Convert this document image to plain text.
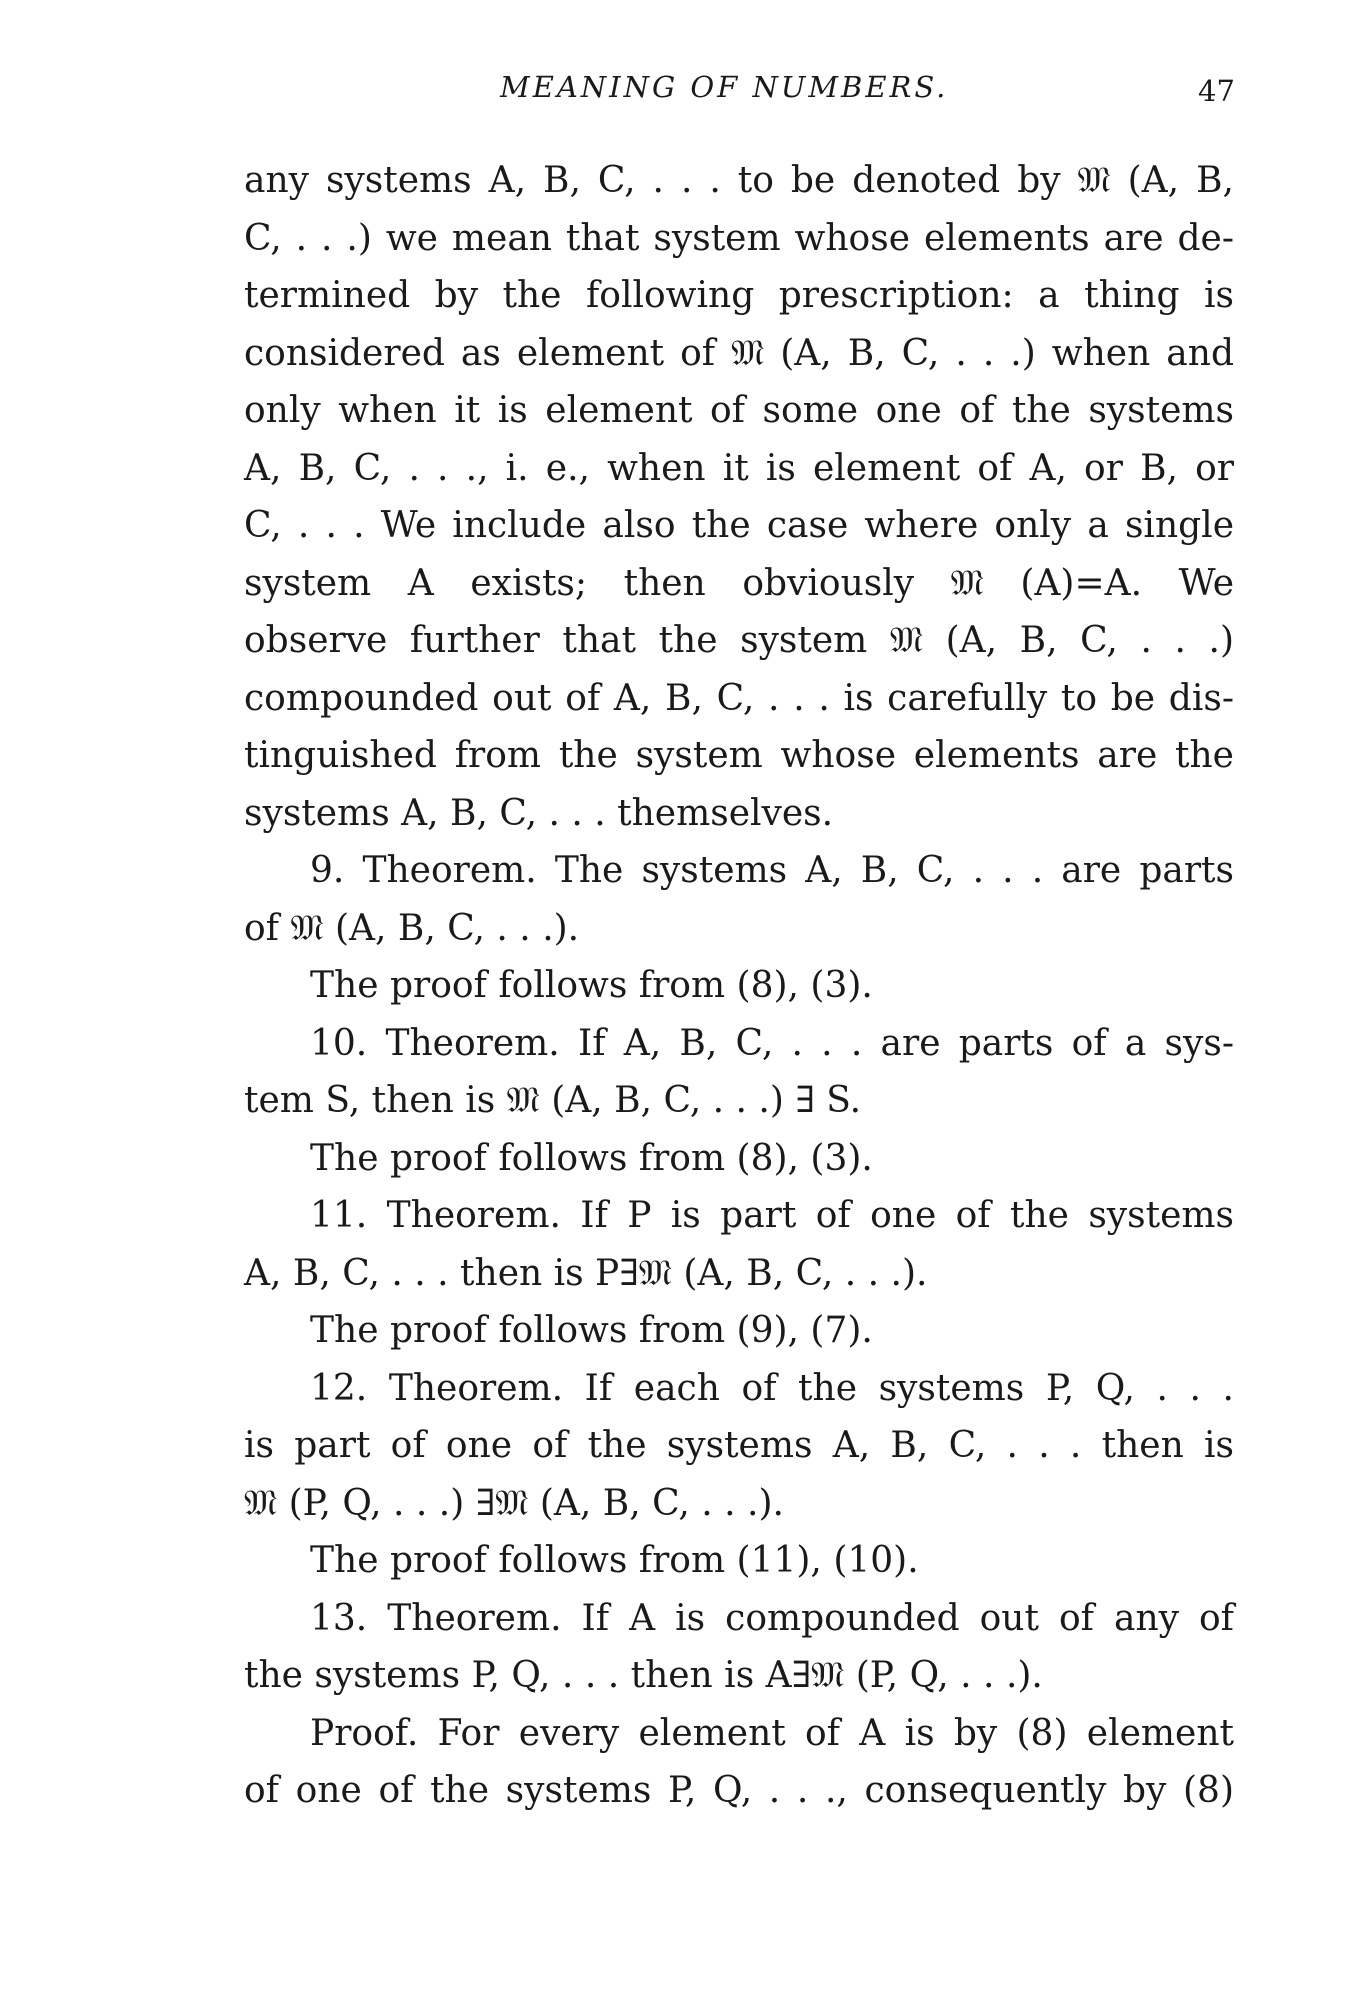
MEANING OF NUMBERS.	47

any systems A, B, C, . . . to be denoted by 𝔐 (A, B,
C, . . .) we mean that system whose elements are de-
termined by the following prescription: a thing is
considered as element of 𝔐 (A, B, C, . . .) when and
only when it is element of some one of the systems
A, B, C, . . ., i. e., when it is element of A, or B, or
C, . . . We include also the case where only a single
system A exists; then obviously 𝔐 (A)=A. We
observe further that the system 𝔐 (A, B, C, . . .)
compounded out of A, B, C, . . . is carefully to be dis-
tinguished from the system whose elements are the
systems A, B, C, . . . themselves.

9. Theorem. The systems A, B, C, . . . are parts
of 𝔐 (A, B, C, . . .).

The proof follows from (8), (3).

10. Theorem. If A, B, C, . . . are parts of a sys-
tem S, then is 𝔐 (A, B, C, . . .) ∃ S.

The proof follows from (8), (3).

11. Theorem. If P is part of one of the systems
A, B, C, . . . then is P∃𝔐 (A, B, C, . . .).

The proof follows from (9), (7).

12. Theorem. If each of the systems P, Q, . . .
is part of one of the systems A, B, C, . . . then is
𝔐 (P, Q, . . .) ∃𝔐 (A, B, C, . . .).

The proof follows from (11), (10).

13. Theorem. If A is compounded out of any of
the systems P, Q, . . . then is A∃𝔐 (P, Q, . . .).

Proof. For every element of A is by (8) element
of one of the systems P, Q, . . ., consequently by (8)
